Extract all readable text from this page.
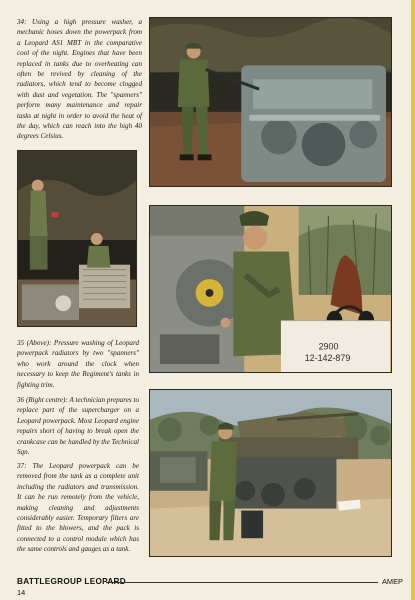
34: Using a high pressure washer, a mechanic hoses down the powerpack from a Leopard AS1 MBT in the comparative cool of the night. Engines that have been replaced in tanks due to overheating can often be revived by cleaning of the radiators, which tend to become clogged with dust and vegetation. The "spanners" perform many maintenance and repair tasks at night in order to avoid the heat of the day, which can reach into the high 40 degrees Celsius.

2900
12-142-879

35 (Above): Pressure washing of Leopard powerpack radiators by two "spanners" who work around the clock when necessary to keep the Regiment's tanks in fighting trim.

36 (Right centre): A technician prepares to replace part of the supercharger on a Leopard powerpack. Most Leopard engine repairs short of having to break open the crankcase can be handled by the Technical Sqn.

37: The Leopard powerpack can be removed from the tank as a complete unit including the radiators and transmission. It can be run remotely from the vehicle, making cleaning and adjustments considerably easier. Temporary filters are fitted to the blowers, and the pack is connected to a control module which has the same controls and gauges as a tank.

BATTLEGROUP LEOPARD	AMEP
14
